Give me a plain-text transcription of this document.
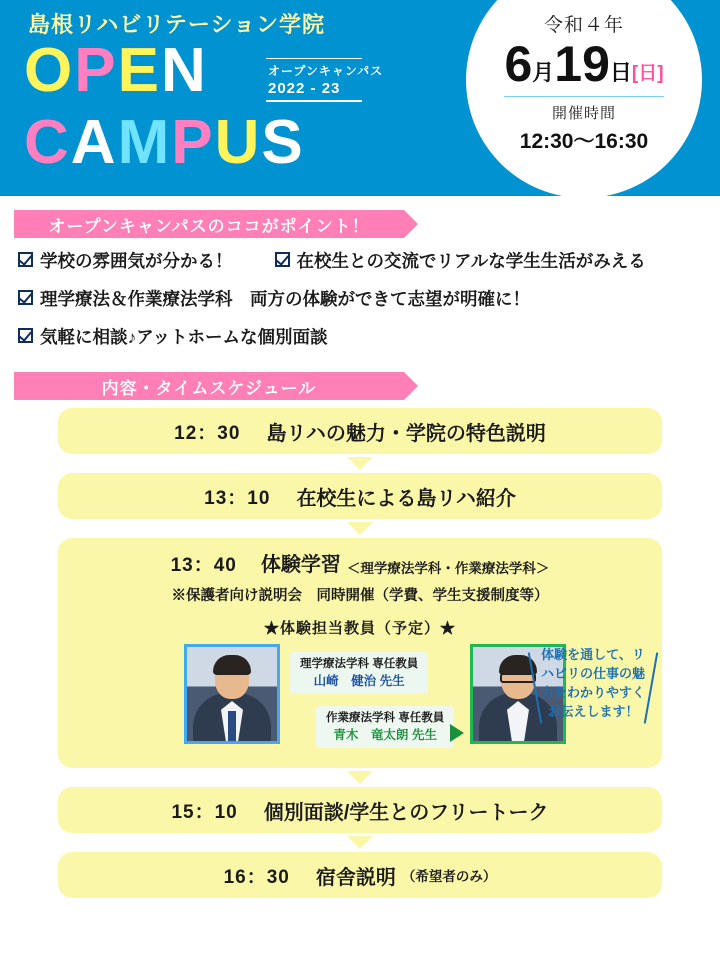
島根リハビリテーション学院
OPEN
CAMPUS
オープンキャンパス
2022 - 23
令和４年
6 月 19 日 [日]
開催時間
12:30〜16:30
オープンキャンパスのココがポイント！
学校の雰囲気が分かる！	在校生との交流でリアルな学生生活がみえる
理学療法＆作業療法学科　両方の体験ができて志望が明確に！
気軽に相談♪アットホームな個別面談
内容・タイムスケジュール
12：30 島リハの魅力・学院の特色説明
13：10 在校生による島リハ紹介
13：40 体験学習 ＜理学療法学科・作業療法学科＞
※保護者向け説明会　同時開催（学費、学生支援制度等）
★体験担当教員（予定）★
理学療法学科 専任教員
山崎　健治 先生
作業療法学科 専任教員
青木　竜太朗 先生
体験を通して、リハビリの仕事の魅力をわかりやすくお伝えします！
15：10 個別面談/学生とのフリートーク
16：30 宿舎説明 （希望者のみ）
